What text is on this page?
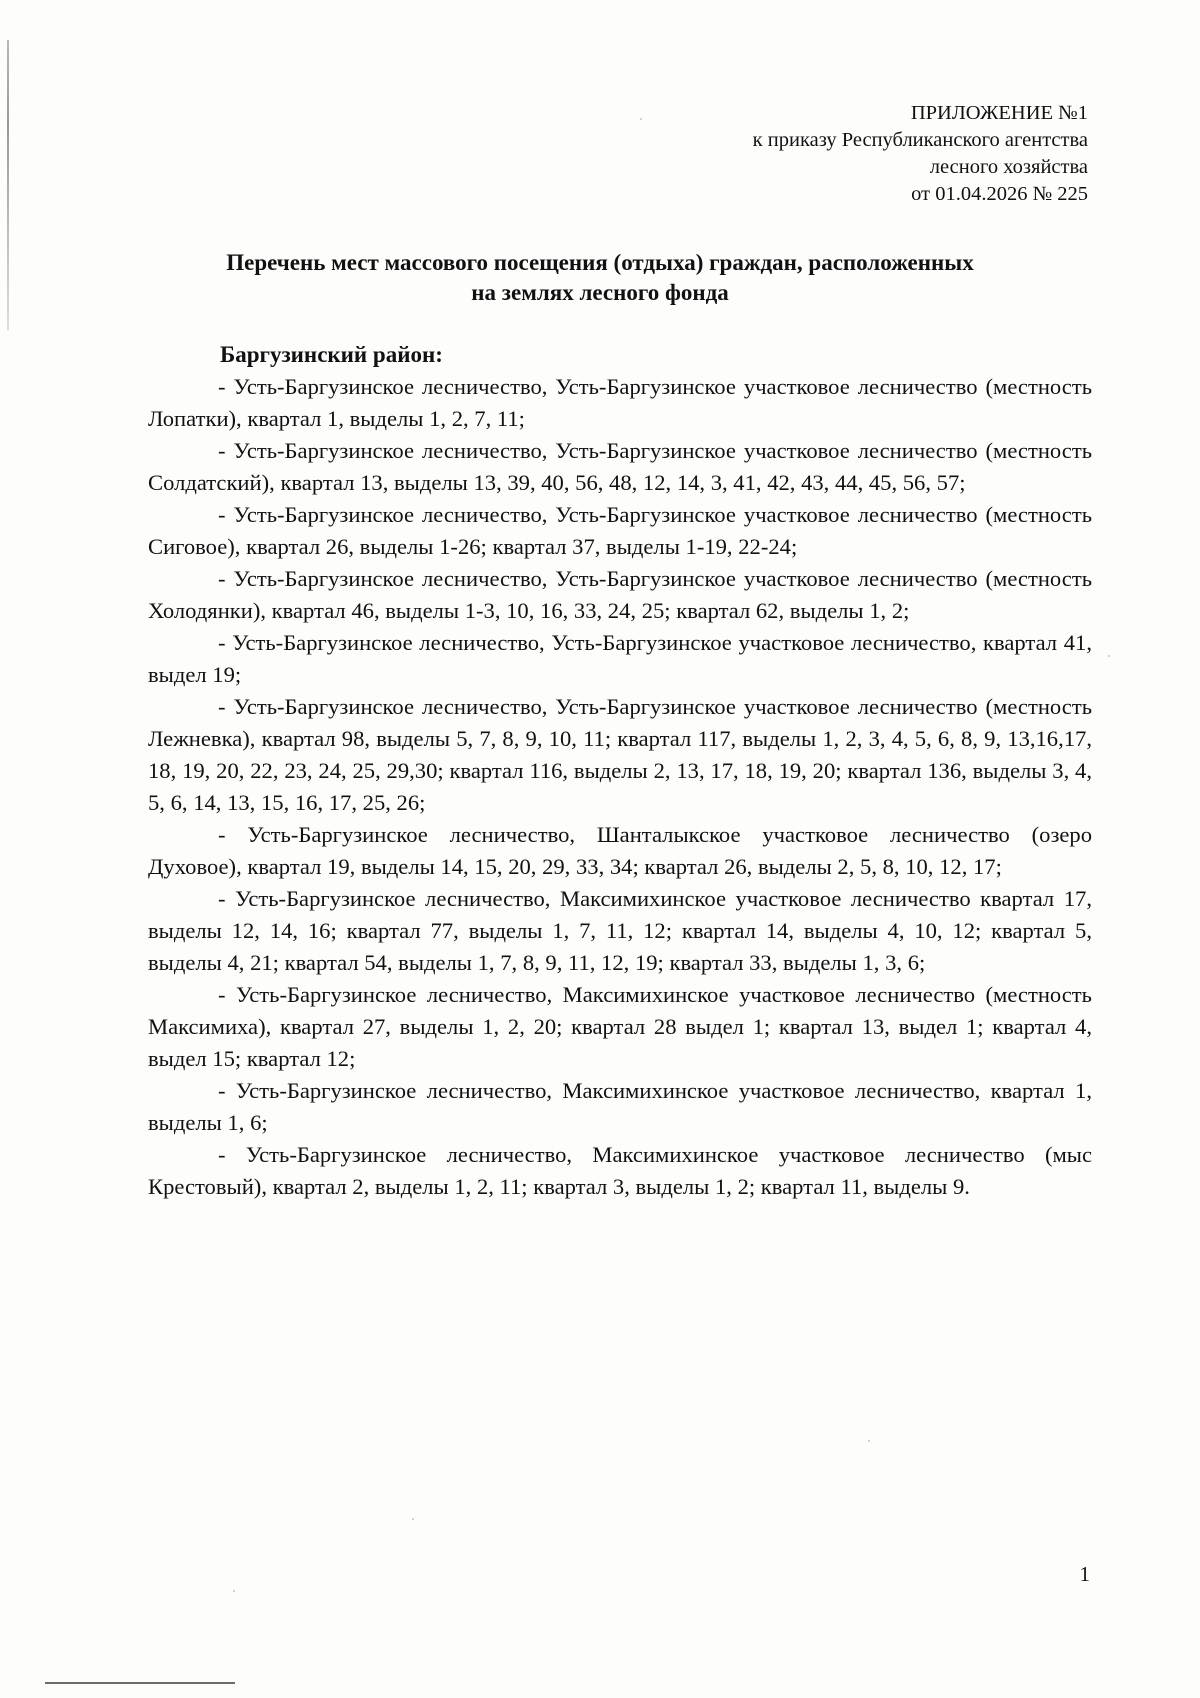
ПРИЛОЖЕНИЕ №1
к приказу Республиканского агентства
лесного хозяйства
от 01.04.2026 № 225
Перечень мест массового посещения (отдыха) граждан, расположенных
на землях лесного фонда
Баргузинский район:

- Усть-Баргузинское лесничество, Усть-Баргузинское участковое лесничество (местность Лопатки), квартал 1, выделы 1, 2, 7, 11;

- Усть-Баргузинское лесничество, Усть-Баргузинское участковое лесничество (местность Солдатский), квартал 13, выделы 13, 39, 40, 56, 48, 12, 14, 3, 41, 42, 43, 44, 45, 56, 57;

- Усть-Баргузинское лесничество, Усть-Баргузинское участковое лесничество (местность Сиговое), квартал 26, выделы 1-26; квартал 37, выделы 1-19, 22-24;

- Усть-Баргузинское лесничество, Усть-Баргузинское участковое лесничество (местность Холодянки), квартал 46, выделы 1-3, 10, 16, 33, 24, 25; квартал 62, выделы 1, 2;

- Усть-Баргузинское лесничество, Усть-Баргузинское участковое лесничество, квартал 41, выдел 19;

- Усть-Баргузинское лесничество, Усть-Баргузинское участковое лесничество (местность Лежневка), квартал 98, выделы 5, 7, 8, 9, 10, 11; квартал 117, выделы 1, 2, 3, 4, 5, 6, 8, 9, 13,16,17, 18, 19, 20, 22, 23, 24, 25, 29,30; квартал 116, выделы 2, 13, 17, 18, 19, 20; квартал 136, выделы 3, 4, 5, 6, 14, 13, 15, 16, 17, 25, 26;

- Усть-Баргузинское лесничество, Шанталыкское участковое лесничество (озеро Духовое), квартал 19, выделы 14, 15, 20, 29, 33, 34; квартал 26, выделы 2, 5, 8, 10, 12, 17;

- Усть-Баргузинское лесничество, Максимихинское участковое лесничество квартал 17, выделы 12, 14, 16; квартал 77, выделы 1, 7, 11, 12; квартал 14, выделы 4, 10, 12; квартал 5, выделы 4, 21; квартал 54, выделы 1, 7, 8, 9, 11, 12, 19; квартал 33, выделы 1, 3, 6;

- Усть-Баргузинское лесничество, Максимихинское участковое лесничество (местность Максимиха), квартал 27, выделы 1, 2, 20; квартал 28 выдел 1; квартал 13, выдел 1; квартал 4, выдел 15; квартал 12;

- Усть-Баргузинское лесничество, Максимихинское участковое лесничество, квартал 1, выделы 1, 6;

- Усть-Баргузинское лесничество, Максимихинское участковое лесничество (мыс Крестовый), квартал 2, выделы 1, 2, 11; квартал 3, выделы 1, 2; квартал 11, выделы 9.

1
